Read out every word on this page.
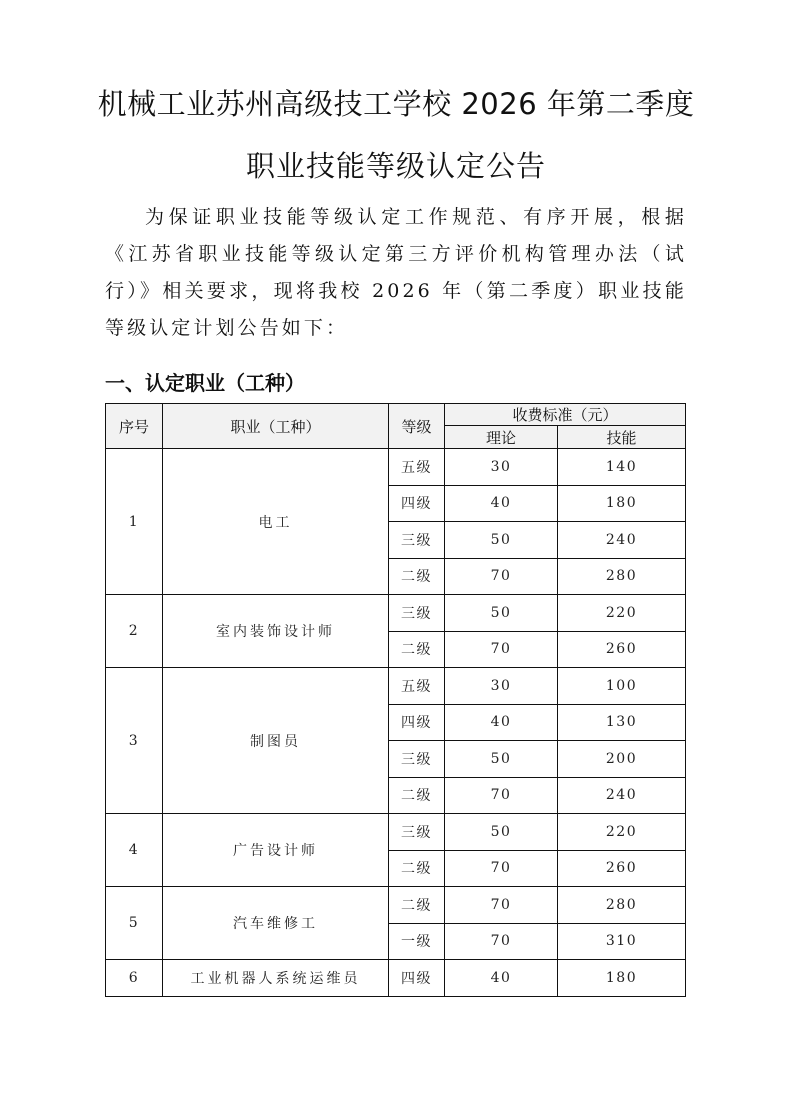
机械工业苏州高级技工学校 2026 年第二季度
职业技能等级认定公告

为保证职业技能等级认定工作规范、有序开展，根据《江苏省职业技能等级认定第三方评价机构管理办法（试行）》相关要求，现将我校 2026 年（第二季度）职业技能等级认定计划公告如下：

一、认定职业（工种）
序号	职业（工种）	等级	收费标准（元）	
			理论	技能
1	电工	五级	30	140
		四级	40	180
		三级	50	240
		二级	70	280
2	室内装饰设计师	三级	50	220
		二级	70	260
3	制图员	五级	30	100
		四级	40	130
		三级	50	200
		二级	70	240
4	广告设计师	三级	50	220
		二级	70	260
5	汽车维修工	二级	70	280
		一级	70	310
6	工业机器人系统运维员	四级	40	180
